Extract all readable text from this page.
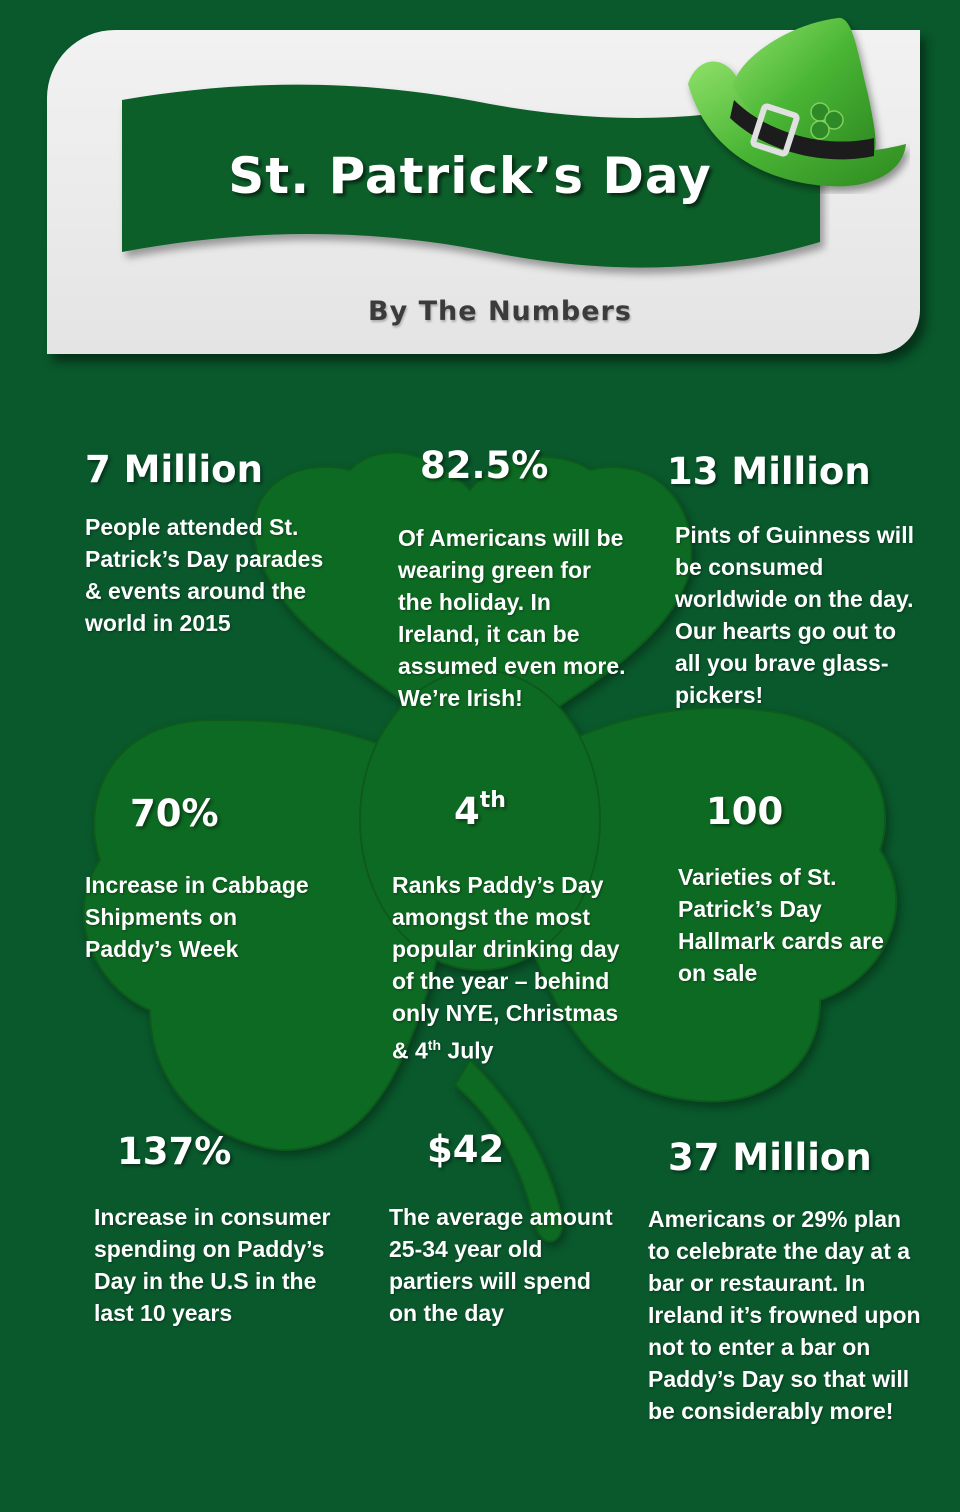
St. Patrick’s Day
By The Numbers
7 Million
People attended St. Patrick’s Day parades & events around the world in 2015
82.5%
Of Americans will be wearing green for the holiday. In Ireland, it can be assumed even more. We’re Irish!
13 Million
Pints of Guinness will be consumed worldwide on the day. Our hearts go out to all you brave glass- pickers!
70%
Increase in Cabbage Shipments on Paddy’s Week
4th
Ranks Paddy’s Day amongst the most popular drinking day of the year – behind only NYE, Christmas & 4th July
100
Varieties of St. Patrick’s Day Hallmark cards are on sale
137%
Increase in consumer spending on Paddy’s Day in the U.S in the last 10 years
$42
The average amount 25-34 year old partiers will spend on the day
37 Million
Americans or 29% plan to celebrate the day at a bar or restaurant. In Ireland it’s frowned upon not to enter a bar on Paddy’s Day so that will be considerably more!
